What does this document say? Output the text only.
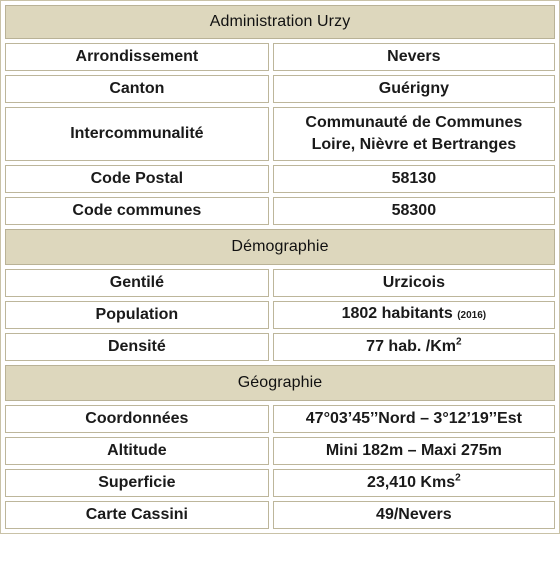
Administration Urzy	
Arrondissement	Nevers
Canton	Guérigny
Intercommunalité	Communauté de Communes
Loire, Nièvre et Bertranges
Code Postal	58130
Code communes	58300
Démographie	
Gentilé	Urzicois
Population	1802 habitants (2016)
Densité	77 hab. /Km$^2$
Géographie	
Coordonnées	47°03’45’’Nord – 3°12’19’’Est
Altitude	Mini 182m – Maxi 275m
Superficie	23,410 Kms$^2$
Carte Cassini	49/Nevers
